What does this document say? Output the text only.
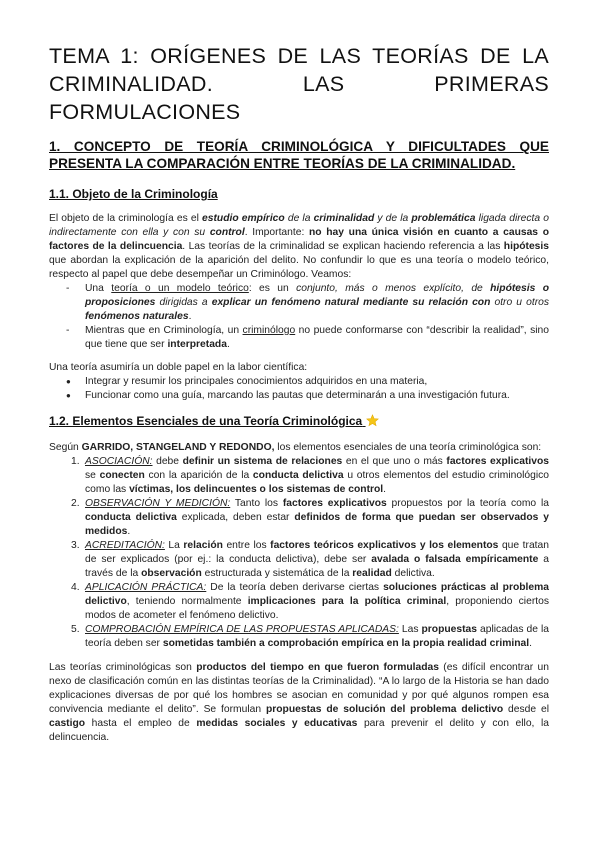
TEMA 1: ORÍGENES DE LAS TEORÍAS DE LA CRIMINALIDAD. LAS PRIMERAS FORMULACIONES
1. CONCEPTO DE TEORÍA CRIMINOLÓGICA Y DIFICULTADES QUE PRESENTA LA COMPARACIÓN ENTRE TEORÍAS DE LA CRIMINALIDAD.
1.1. Objeto de la Criminología

El objeto de la criminología es el estudio empírico de la criminalidad y de la problemática ligada directa o indirectamente con ella y con su control. Importante: no hay una única visión en cuanto a causas o factores de la delincuencia. Las teorías de la criminalidad se explican haciendo referencia a las hipótesis que abordan la explicación de la aparición del delito. No confundir lo que es una teoría o modelo teórico, respecto al papel que debe desempeñar un Criminólogo. Veamos:

- Una teoría o un modelo teórico: es un conjunto, más o menos explícito, de hipótesis o proposiciones dirigidas a explicar un fenómeno natural mediante su relación con otro u otros fenómenos naturales.
- Mientras que en Criminología, un criminólogo no puede conformarse con “describir la realidad”, sino que tiene que ser interpretada.

Una teoría asumiría un doble papel en la labor científica:

● Integrar y resumir los principales conocimientos adquiridos en una materia,
● Funcionar como una guía, marcando las pautas que determinarán a una investigación futura.
1.2. Elementos Esenciales de una Teoría Criminológica

Según GARRIDO, STANGELAND Y REDONDO, los elementos esenciales de una teoría criminológica son:

1. ASOCIACIÓN: debe definir un sistema de relaciones en el que uno o más factores explicativos se conecten con la aparición de la conducta delictiva u otros elementos del estudio criminológico como las víctimas, los delincuentes o los sistemas de control.
2. OBSERVACIÓN Y MEDICIÓN: Tanto los factores explicativos propuestos por la teoría como la conducta delictiva explicada, deben estar definidos de forma que puedan ser observados y medidos.
3. ACREDITACIÓN: La relación entre los factores teóricos explicativos y los elementos que tratan de ser explicados (por ej.: la conducta delictiva), debe ser avalada o falsada empíricamente a través de la observación estructurada y sistemática de la realidad delictiva.
4. APLICACIÓN PRÁCTICA: De la teoría deben derivarse ciertas soluciones prácticas al problema delictivo, teniendo normalmente implicaciones para la política criminal, proponiendo ciertos modos de acometer el fenómeno delictivo.
5. COMPROBACIÓN EMPÍRICA DE LAS PROPUESTAS APLICADAS: Las propuestas aplicadas de la teoría deben ser sometidas también a comprobación empírica en la propia realidad criminal.

Las teorías criminológicas son productos del tiempo en que fueron formuladas (es difícil encontrar un nexo de clasificación común en las distintas teorías de la Criminalidad). “A lo largo de la Historia se han dado explicaciones diversas de por qué los hombres se asocian en comunidad y por qué algunos rompen esa convivencia mediante el delito”. Se formulan propuestas de solución del problema delictivo desde el castigo hasta el empleo de medidas sociales y educativas para prevenir el delito y con ello, la delincuencia.
